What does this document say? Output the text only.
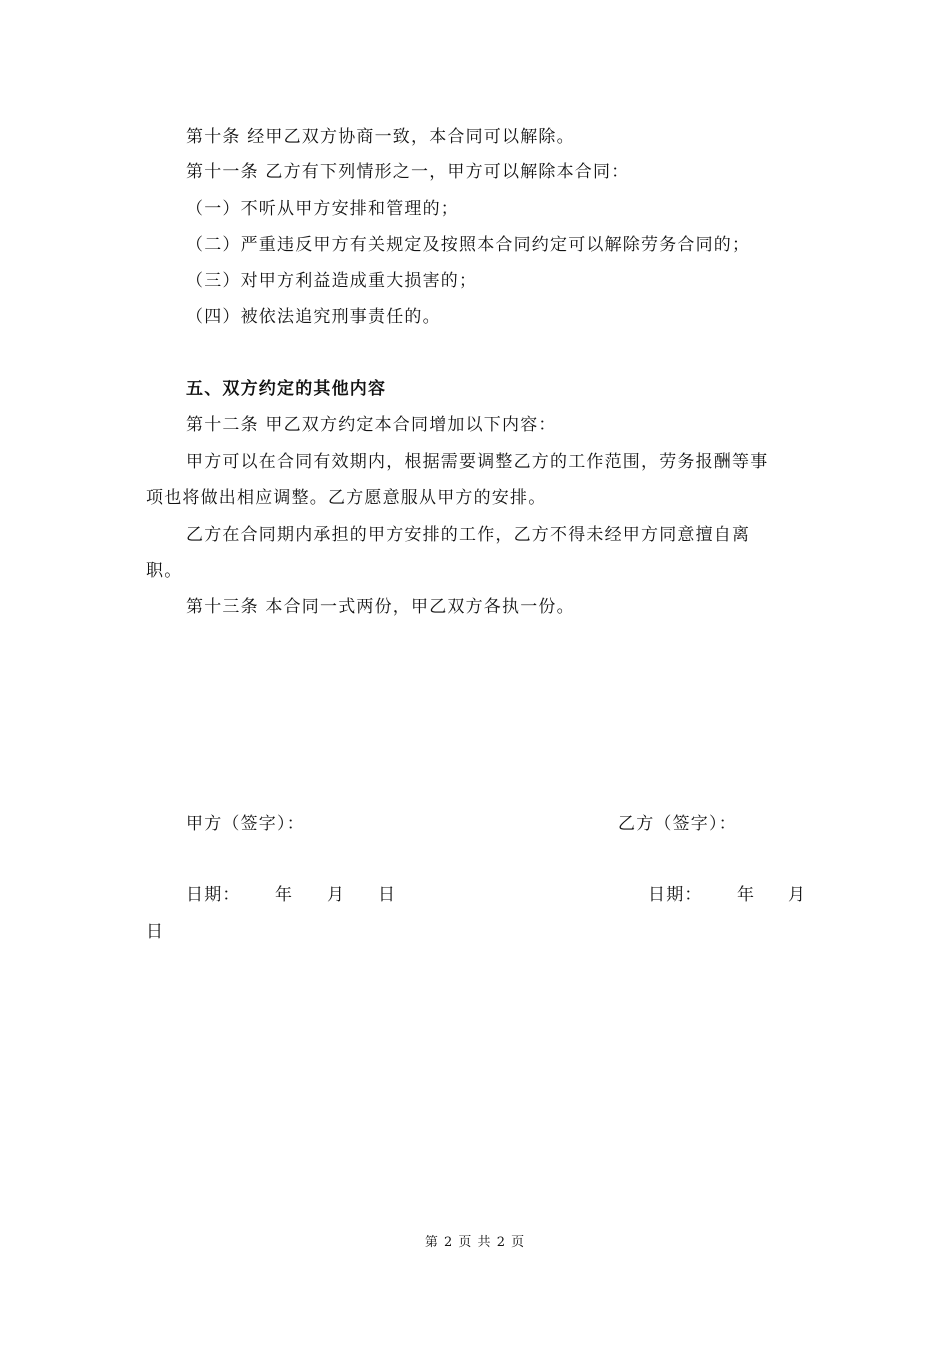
第十条 经甲乙双方协商一致，本合同可以解除。
第十一条 乙方有下列情形之一，甲方可以解除本合同：
（一）不听从甲方安排和管理的；
（二）严重违反甲方有关规定及按照本合同约定可以解除劳务合同的；
（三）对甲方利益造成重大损害的；
（四）被依法追究刑事责任的。
五、双方约定的其他内容
第十二条 甲乙双方约定本合同增加以下内容：
甲方可以在合同有效期内，根据需要调整乙方的工作范围，劳务报酬等事
项也将做出相应调整。乙方愿意服从甲方的安排。
乙方在合同期内承担的甲方安排的工作，乙方不得未经甲方同意擅自离
职。
第十三条 本合同一式两份，甲乙双方各执一份。
甲方（签字）：	乙方（签字）：
日期： 年 月 日	日期： 年 月
日
第 2 页 共 2 页
